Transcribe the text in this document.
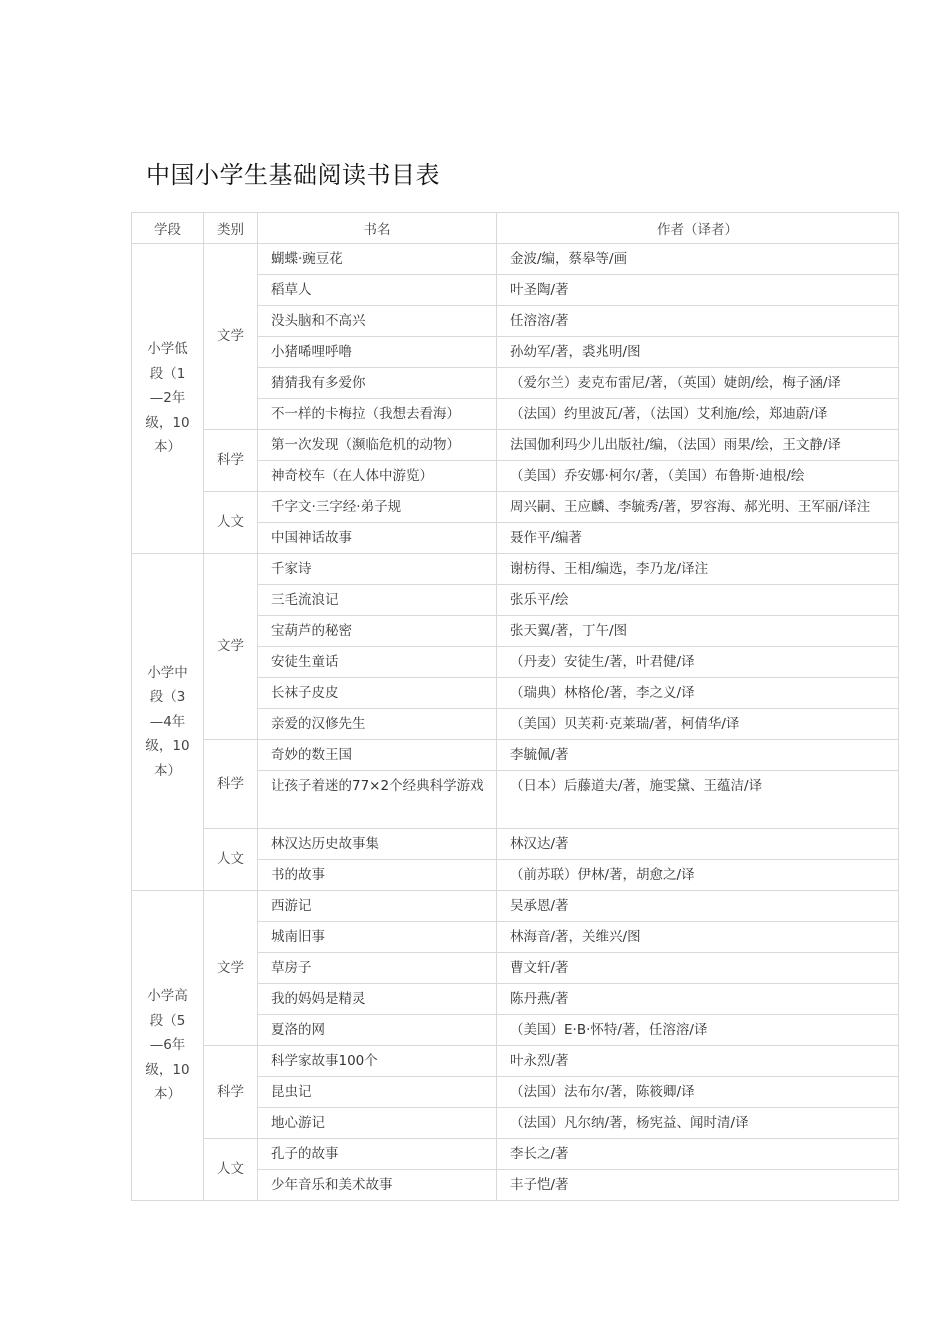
中国小学生基础阅读书目表
学段	类别	书名	作者（译者）
小学低段（1—2年级，10本）	文学	蝴蝶·豌豆花	金波/编，蔡皋等/画
		稻草人	叶圣陶/著
		没头脑和不高兴	任溶溶/著
		小猪唏哩呼噜	孙幼军/著，裘兆明/图
		猜猜我有多爱你	（爱尔兰）麦克布雷尼/著，（英国）婕朗/绘，梅子涵/译
		不一样的卡梅拉（我想去看海）	（法国）约里波瓦/著，（法国）艾利施/绘，郑迪蔚/译
	科学	第一次发现（濒临危机的动物）	法国伽利玛少儿出版社/编，（法国）雨果/绘，王文静/译
		神奇校车（在人体中游览）	（美国）乔安娜·柯尔/著，（美国）布鲁斯·迪根/绘
	人文	千字文·三字经·弟子规	周兴嗣、王应麟、李毓秀/著，罗容海、郝光明、王军丽/译注
		中国神话故事	聂作平/编著
小学中段（3—4年级，10本）	文学	千家诗	谢枋得、王相/编选，李乃龙/译注
		三毛流浪记	张乐平/绘
		宝葫芦的秘密	张天翼/著，丁午/图
		安徒生童话	（丹麦）安徒生/著，叶君健/译
		长袜子皮皮	（瑞典）林格伦/著，李之义/译
		亲爱的汉修先生	（美国）贝芙莉·克莱瑞/著，柯倩华/译
	科学	奇妙的数王国	李毓佩/著
		让孩子着迷的77×2个经典科学游戏	（日本）后藤道夫/著，施雯黛、王蕴洁/译
	人文	林汉达历史故事集	林汉达/著
		书的故事	（前苏联）伊林/著，胡愈之/译
小学高段（5—6年级，10本）	文学	西游记	吴承恩/著
		城南旧事	林海音/著，关维兴/图
		草房子	曹文轩/著
		我的妈妈是精灵	陈丹燕/著
		夏洛的网	（美国）E·B·怀特/著，任溶溶/译
	科学	科学家故事100个	叶永烈/著
		昆虫记	（法国）法布尔/著，陈筱卿/译
		地心游记	（法国）凡尔纳/著，杨宪益、闻时清/译
	人文	孔子的故事	李长之/著
		少年音乐和美术故事	丰子恺/著
